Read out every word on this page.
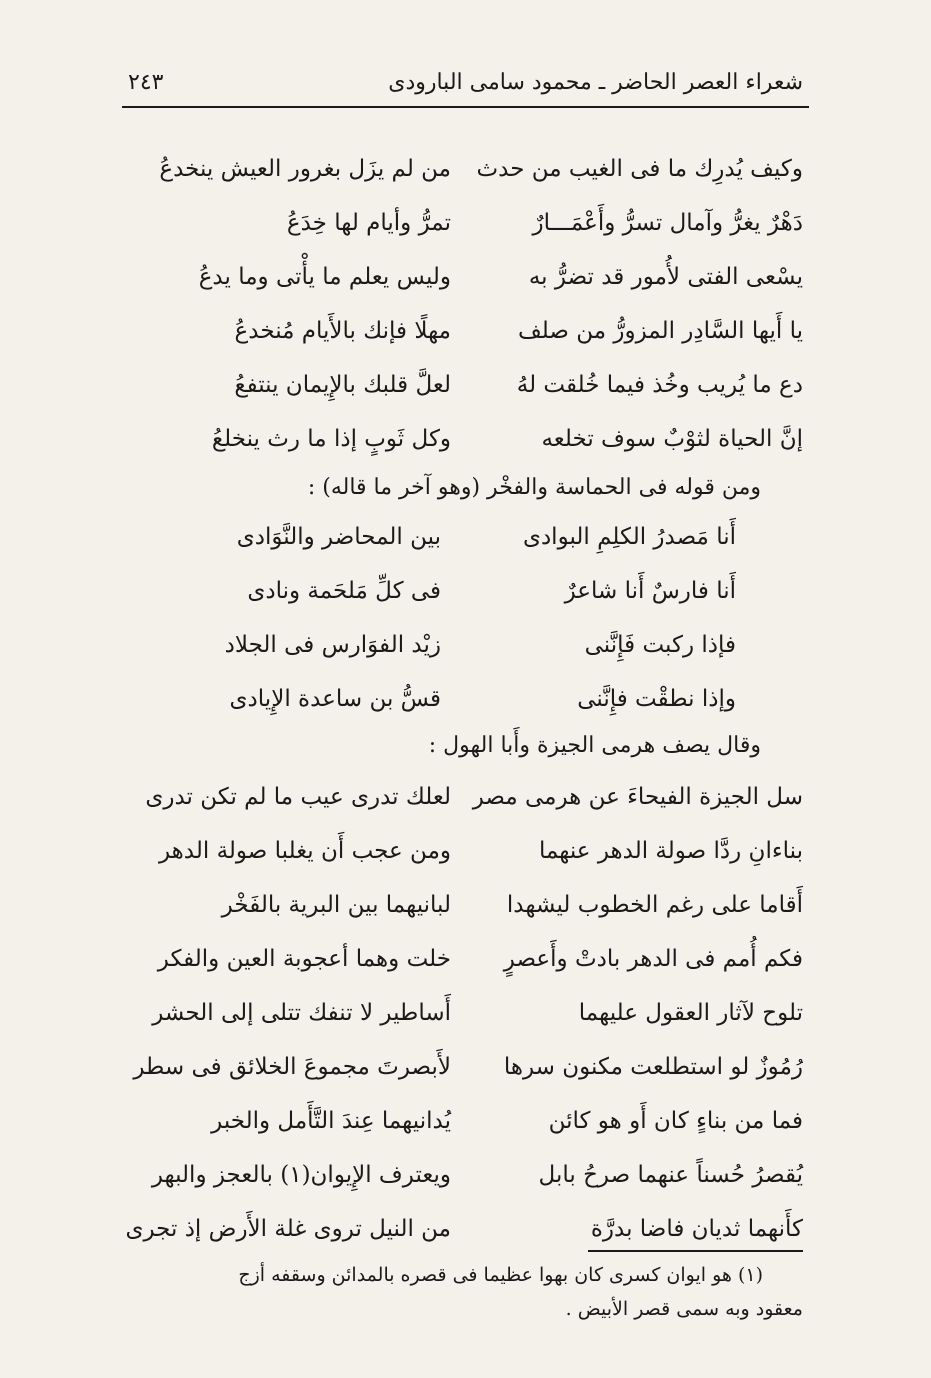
شعراء العصر الحاضر ـ محمود سامى البارودى
٢٤٣
وكيف يُدرِك ما فى الغيب من حدث
من لم يزَل بغرور العيش ينخدعُ
دَهْرٌ يغرُّ وآمال تسرُّ وأَعْمَـــارٌ
تمرُّ وأيام لها خِدَعُ
يسْعى الفتى لأُمور قد تضرُّ به
وليس يعلم ما يأْتى وما يدعُ
يا أَيها السَّادِر المزورُّ من صلف
مهلًا فإنك بالأَيام مُنخدعُ
دع ما يُريب وخُذ فيما خُلقت لهُ
لعلَّ قلبك بالإِيمان ينتفعُ
إنَّ الحياة لثوْبٌ سوف تخلعه
وكل ثَوبٍ إذا ما رث ينخلعُ
ومن قوله فى الحماسة والفخْر (وهو آخر ما قاله) :
أَنا مَصدرُ الكلِمِ البوادى
بين المحاضر والنَّوَادى
أَنا فارسٌ أَنا شاعرٌ
فى كلِّ مَلحَمة ونادى
فإذا ركبت فَإِنَّنى
زيْد الفوَارس فى الجلاد
وإذا نطقْت فإِنَّنى
قسُّ بن ساعدة الإِيادى
وقال يصف هرمى الجيزة وأَبا الهول :
سل الجيزة الفيحاءَ عن هرمى مصر
لعلك تدرى عيب ما لم تكن تدرى
بناءانِ ردَّا صولة الدهر عنهما
ومن عجب أَن يغلبا صولة الدهر
أَقاما على رغم الخطوب ليشهدا
لبانيهما بين البرية بالفَخْر
فكم أُمم فى الدهر بادتْ وأَعصرٍ
خلت وهما أعجوبة العين والفكر
تلوح لآثار العقول عليهما
أَساطير لا تنفك تتلى إلى الحشر
رُمُوزٌ لو استطلعت مكنون سرها
لأَبصرتَ مجموعَ الخلائق فى سطر
فما من بناءٍ كان أَو هو كائن
يُدانيهما عِندَ التَّأَمل والخبر
يُقصرُ حُسناً عنهما صرحُ بابل
ويعترف الإِيوان(١) بالعجز والبهر
كأَنهما ثديان فاضا بدرَّة
من النيل تروى غلة الأَرض إذ تجرى

(١) هو ايوان كسرى كان بهوا عظيما فى قصره بالمدائن وسقفه أزج

معقود وبه سمى قصر الأبيض .
